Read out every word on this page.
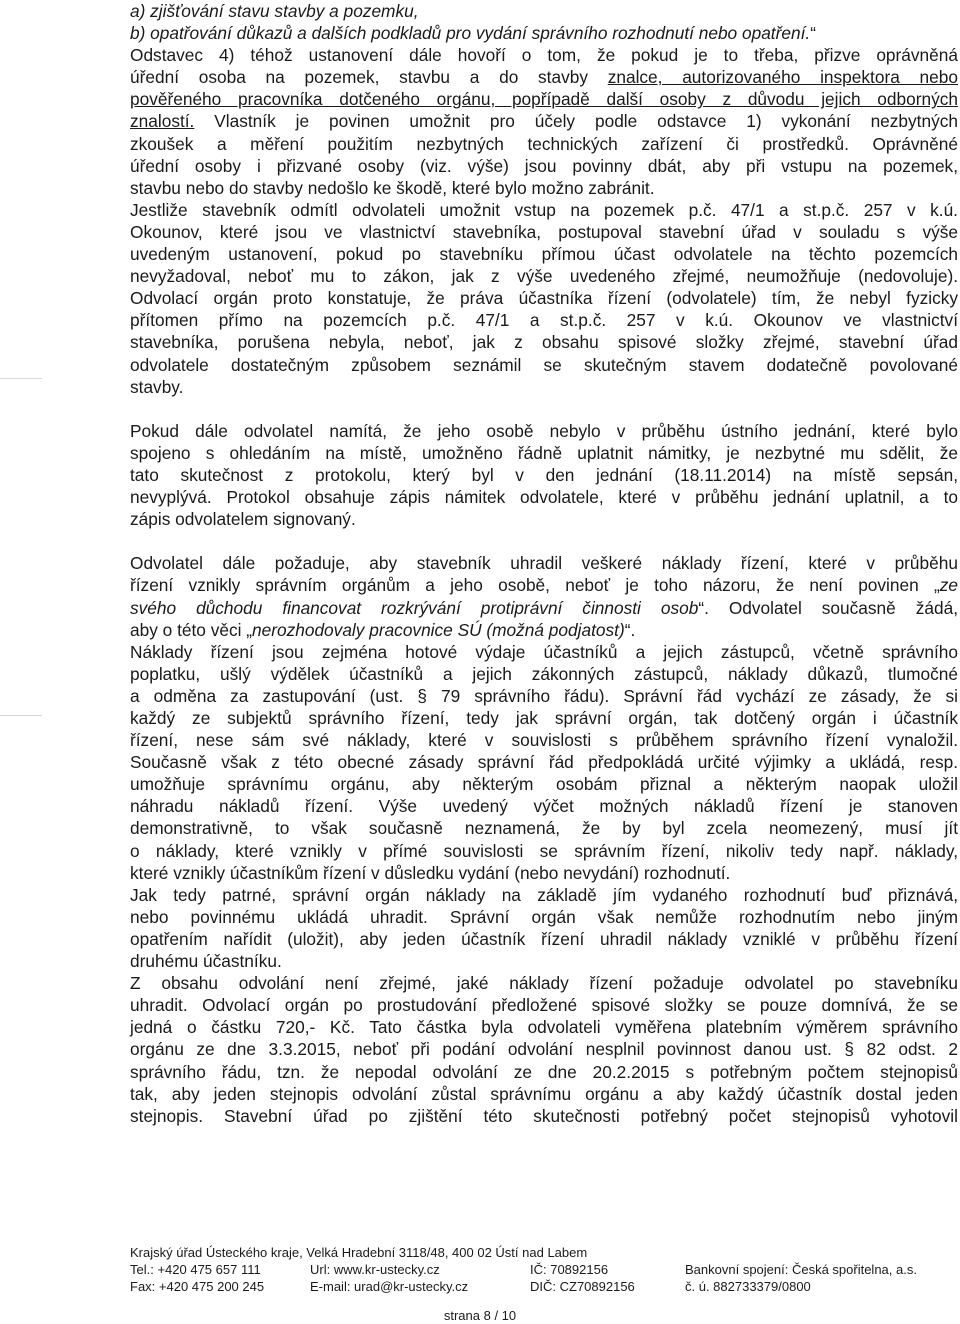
a) zjišťování stavu stavby a pozemku,
b) opatřování důkazů a dalších podkladů pro vydání správního rozhodnutí nebo opatření.“
Odstavec 4) téhož ustanovení dále hovoří o tom, že pokud je to třeba, přizve oprávněná
úřední osoba na pozemek, stavbu a do stavby znalce, autorizovaného inspektora nebo
pověřeného pracovníka dotčeného orgánu, popřípadě další osoby z důvodu jejich odborných
znalostí. Vlastník je povinen umožnit pro účely podle odstavce 1) vykonání nezbytných
zkoušek a měření použitím nezbytných technických zařízení či prostředků. Oprávněné
úřední osoby i přizvané osoby (viz. výše) jsou povinny dbát, aby při vstupu na pozemek,
stavbu nebo do stavby nedošlo ke škodě, které bylo možno zabránit.
Jestliže stavebník odmítl odvolateli umožnit vstup na pozemek p.č. 47/1 a st.p.č. 257 v k.ú.
Okounov, které jsou ve vlastnictví stavebníka, postupoval stavební úřad v souladu s výše
uvedeným ustanovení, pokud po stavebníku přímou účast odvolatele na těchto pozemcích
nevyžadoval, neboť mu to zákon, jak z výše uvedeného zřejmé, neumožňuje (nedovoluje).
Odvolací orgán proto konstatuje, že práva účastníka řízení (odvolatele) tím, že nebyl fyzicky
přítomen přímo na pozemcích p.č. 47/1 a st.p.č. 257 v k.ú. Okounov ve vlastnictví
stavebníka, porušena nebyla, neboť, jak z obsahu spisové složky zřejmé, stavební úřad
odvolatele dostatečným způsobem seznámil se skutečným stavem dodatečně povolované
stavby.
Pokud dále odvolatel namítá, že jeho osobě nebylo v průběhu ústního jednání, které bylo
spojeno s ohledáním na místě, umožněno řádně uplatnit námitky, je nezbytné mu sdělit, že
tato skutečnost z protokolu, který byl v den jednání (18.11.2014) na místě sepsán,
nevyplývá. Protokol obsahuje zápis námitek odvolatele, které v průběhu jednání uplatnil, a to
zápis odvolatelem signovaný.
Odvolatel dále požaduje, aby stavebník uhradil veškeré náklady řízení, které v průběhu
řízení vznikly správním orgánům a jeho osobě, neboť je toho názoru, že není povinen „ze
svého důchodu financovat rozkrývání protiprávní činnosti osob“. Odvolatel současně žádá,
aby o této věci „nerozhodovaly pracovnice SÚ (možná podjatost)“.
Náklady řízení jsou zejména hotové výdaje účastníků a jejich zástupců, včetně správního
poplatku, ušlý výdělek účastníků a jejich zákonných zástupců, náklady důkazů, tlumočné
a odměna za zastupování (ust. § 79 správního řádu). Správní řád vychází ze zásady, že si
každý ze subjektů správního řízení, tedy jak správní orgán, tak dotčený orgán i účastník
řízení, nese sám své náklady, které v souvislosti s průběhem správního řízení vynaložil.
Současně však z této obecné zásady správní řád předpokládá určité výjimky a ukládá, resp.
umožňuje správnímu orgánu, aby některým osobám přiznal a některým naopak uložil
náhradu nákladů řízení. Výše uvedený výčet možných nákladů řízení je stanoven
demonstrativně, to však současně neznamená, že by byl zcela neomezený, musí jít
o náklady, které vznikly v přímé souvislosti se správním řízení, nikoliv tedy např. náklady,
které vznikly účastníkům řízení v důsledku vydání (nebo nevydání) rozhodnutí.
Jak tedy patrné, správní orgán náklady na základě jím vydaného rozhodnutí buď přiznává,
nebo povinnému ukládá uhradit. Správní orgán však nemůže rozhodnutím nebo jiným
opatřením nařídit (uložit), aby jeden účastník řízení uhradil náklady vzniklé v průběhu řízení
druhému účastníku.
Z obsahu odvolání není zřejmé, jaké náklady řízení požaduje odvolatel po stavebníku
uhradit. Odvolací orgán po prostudování předložené spisové složky se pouze domnívá, že se
jedná o částku 720,- Kč. Tato částka byla odvolateli vyměřena platebním výměrem správního
orgánu ze dne 3.3.2015, neboť při podání odvolání nesplnil povinnost danou ust. § 82 odst. 2
správního řádu, tzn. že nepodal odvolání ze dne 20.2.2015 s potřebným počtem stejnopisů
tak, aby jeden stejnopis odvolání zůstal správnímu orgánu a aby každý účastník dostal jeden
stejnopis. Stavební úřad po zjištění této skutečnosti potřebný počet stejnopisů vyhotovil
Krajský úřad Ústeckého kraje, Velká Hradební 3118/48, 400 02 Ústí nad Labem
Tel.: +420 475 657 111	Url: www.kr-ustecky.cz	IČ: 70892156	Bankovní spojení: Česká spořitelna, a.s.
Fax: +420 475 200 245	E-mail: urad@kr-ustecky.cz	DIČ: CZ70892156	č. ú. 882733379/0800
strana 8 / 10
